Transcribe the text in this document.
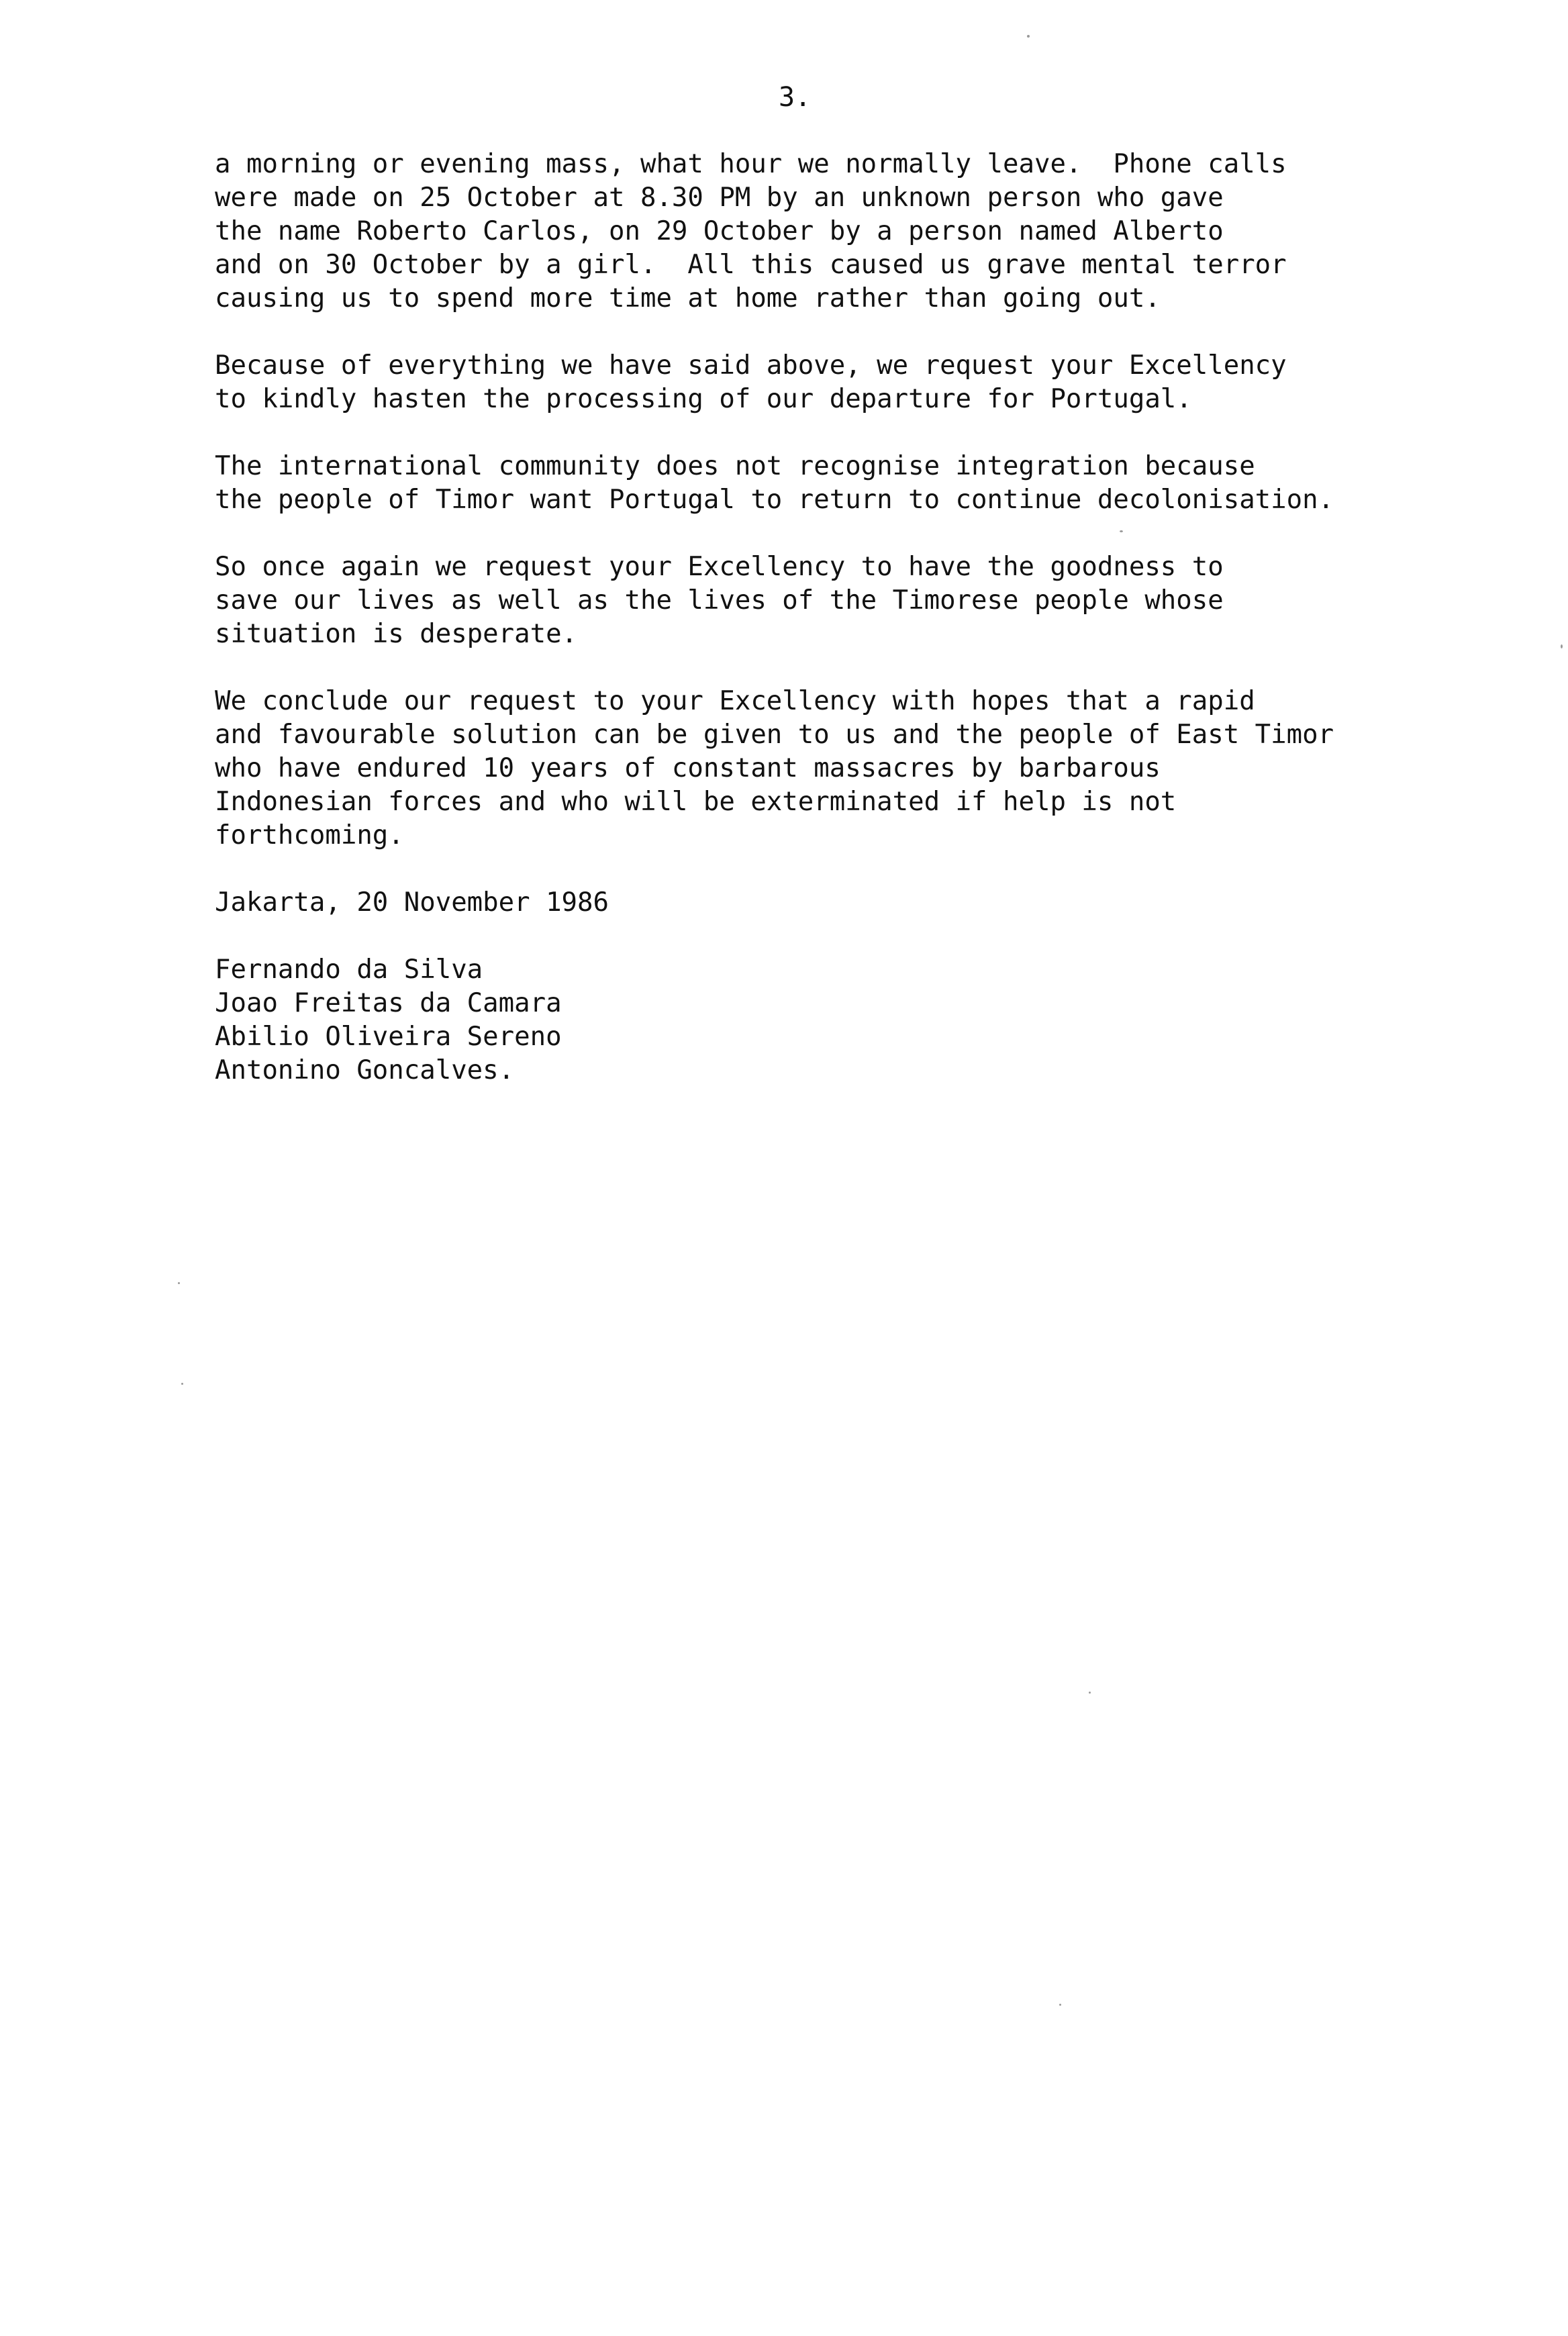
3.
a morning or evening mass, what hour we normally leave.  Phone calls
were made on 25 October at 8.30 PM by an unknown person who gave
the name Roberto Carlos, on 29 October by a person named Alberto
and on 30 October by a girl.  All this caused us grave mental terror
causing us to spend more time at home rather than going out.
Because of everything we have said above, we request your Excellency
to kindly hasten the processing of our departure for Portugal.
The international community does not recognise integration because
the people of Timor want Portugal to return to continue decolonisation.
So once again we request your Excellency to have the goodness to
save our lives as well as the lives of the Timorese people whose
situation is desperate.
We conclude our request to your Excellency with hopes that a rapid
and favourable solution can be given to us and the people of East Timor
who have endured 10 years of constant massacres by barbarous
Indonesian forces and who will be exterminated if help is not
forthcoming.
Jakarta, 20 November 1986
Fernando da Silva
Joao Freitas da Camara
Abilio Oliveira Sereno
Antonino Goncalves.
